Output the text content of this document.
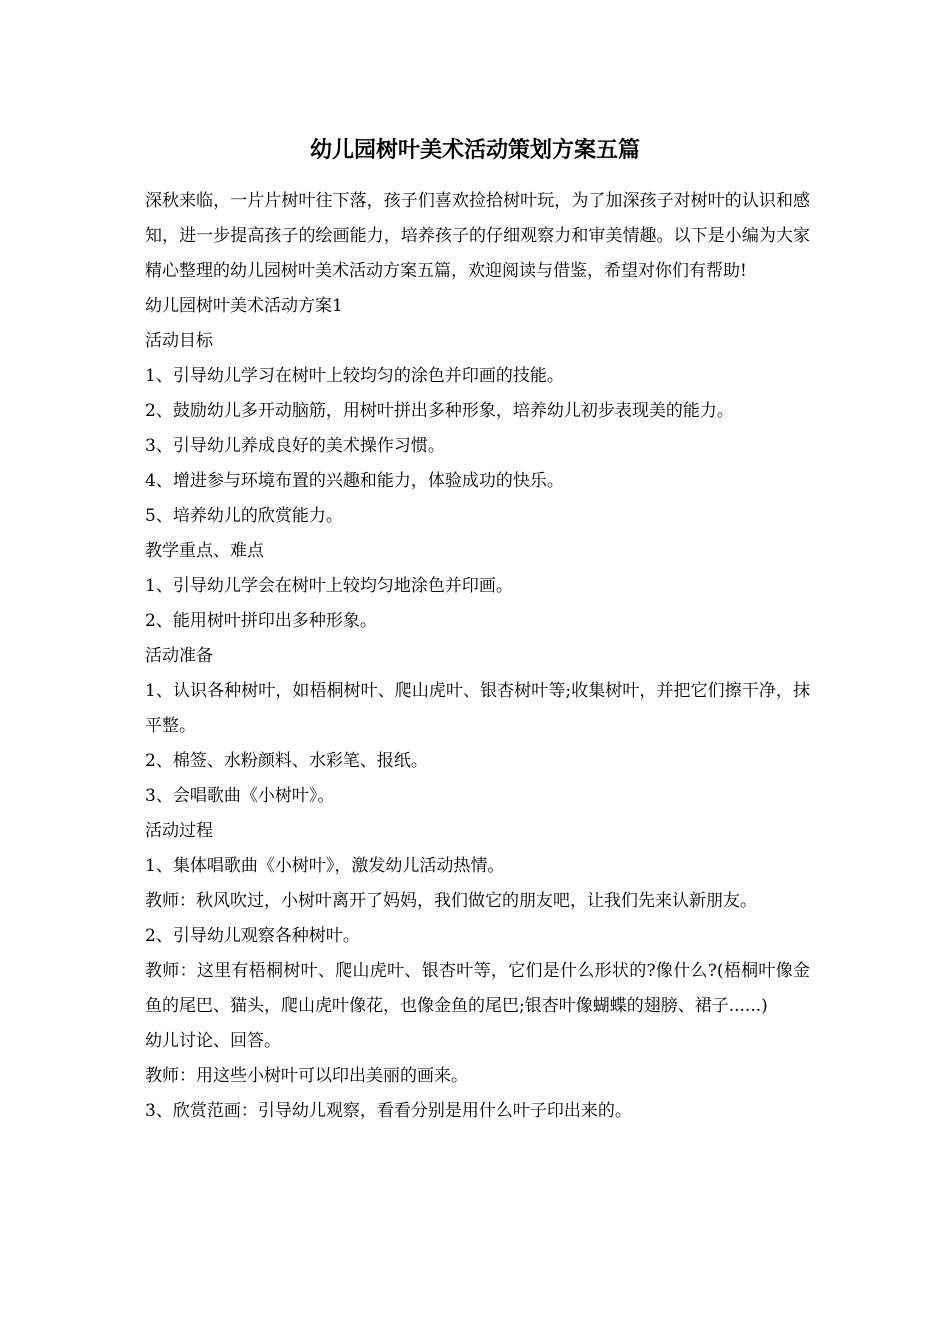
幼儿园树叶美术活动策划方案五篇

深秋来临，一片片树叶往下落，孩子们喜欢捡拾树叶玩，为了加深孩子对树叶的认识和感知，进一步提高孩子的绘画能力，培养孩子的仔细观察力和审美情趣。以下是小编为大家精心整理的幼儿园树叶美术活动方案五篇，欢迎阅读与借鉴，希望对你们有帮助!

幼儿园树叶美术活动方案1

活动目标

1、引导幼儿学习在树叶上较均匀的涂色并印画的技能。

2、鼓励幼儿多开动脑筋，用树叶拼出多种形象，培养幼儿初步表现美的能力。

3、引导幼儿养成良好的美术操作习惯。

4、增进参与环境布置的兴趣和能力，体验成功的快乐。

5、培养幼儿的欣赏能力。

教学重点、难点

1、引导幼儿学会在树叶上较均匀地涂色并印画。

2、能用树叶拼印出多种形象。

活动准备

1、认识各种树叶，如梧桐树叶、爬山虎叶、银杏树叶等;收集树叶，并把它们擦干净，抹平整。

2、棉签、水粉颜料、水彩笔、报纸。

3、会唱歌曲《小树叶》。

活动过程

1、集体唱歌曲《小树叶》，激发幼儿活动热情。

教师：秋风吹过，小树叶离开了妈妈，我们做它的朋友吧，让我们先来认新朋友。

2、引导幼儿观察各种树叶。

教师：这里有梧桐树叶、爬山虎叶、银杏叶等，它们是什么形状的?像什么?(梧桐叶像金鱼的尾巴、猫头，爬山虎叶像花，也像金鱼的尾巴;银杏叶像蝴蝶的翅膀、裙子......)

幼儿讨论、回答。

教师：用这些小树叶可以印出美丽的画来。

3、欣赏范画：引导幼儿观察，看看分别是用什么叶子印出来的。
